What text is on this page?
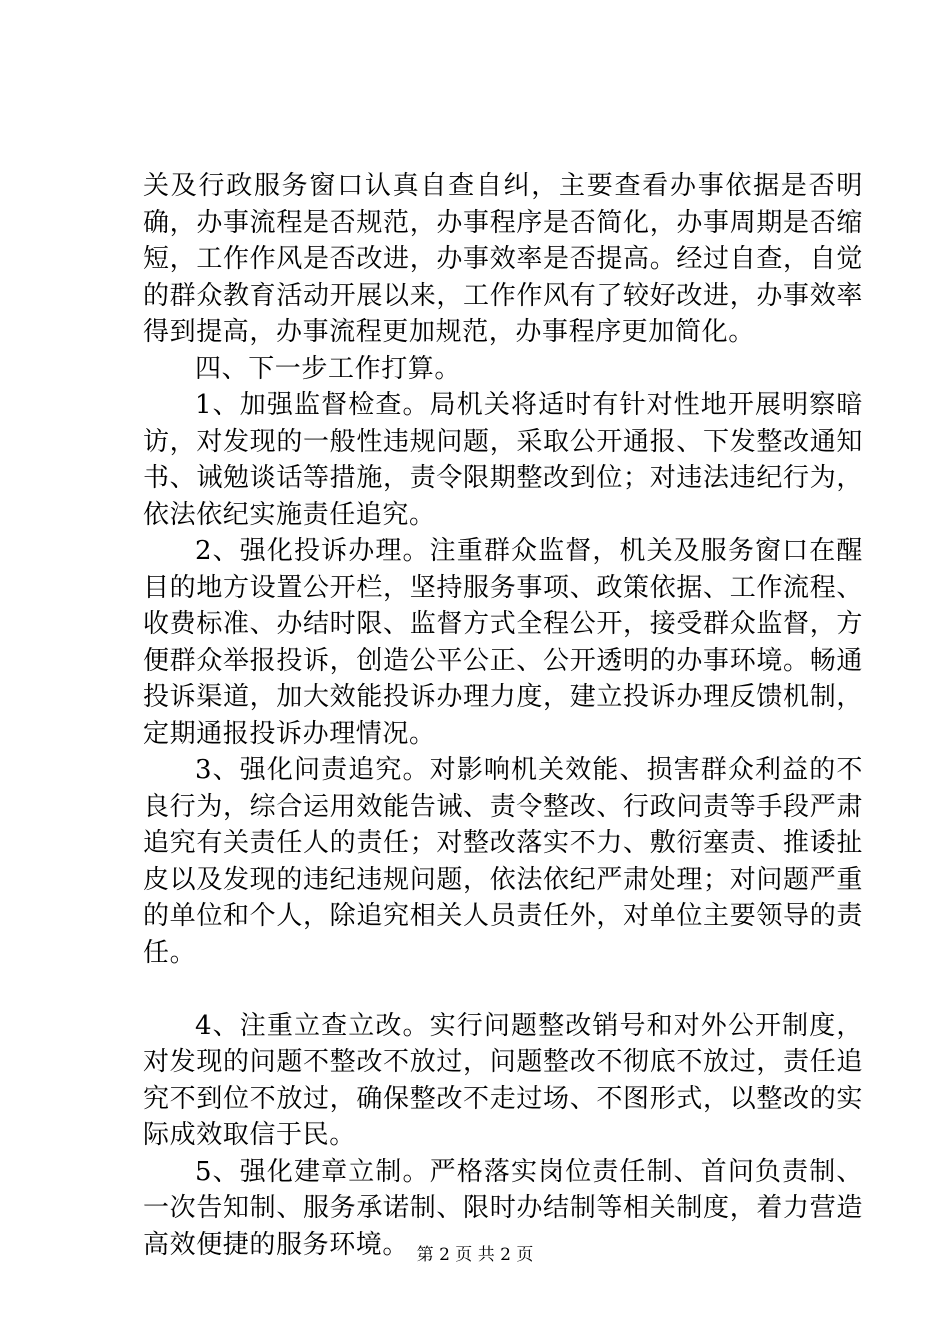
关及行政服务窗口认真自查自纠，主要查看办事依据是否明确，办事流程是否规范，办事程序是否简化，办事周期是否缩短，工作作风是否改进，办事效率是否提高。经过自查，自觉的群众教育活动开展以来，工作作风有了较好改进，办事效率得到提高，办事流程更加规范，办事程序更加简化。

四、下一步工作打算。

1、加强监督检查。局机关将适时有针对性地开展明察暗访，对发现的一般性违规问题，采取公开通报、下发整改通知书、诫勉谈话等措施，责令限期整改到位；对违法违纪行为，依法依纪实施责任追究。

2、强化投诉办理。注重群众监督，机关及服务窗口在醒目的地方设置公开栏，坚持服务事项、政策依据、工作流程、收费标准、办结时限、监督方式全程公开，接受群众监督，方便群众举报投诉，创造公平公正、公开透明的办事环境。畅通投诉渠道，加大效能投诉办理力度，建立投诉办理反馈机制，定期通报投诉办理情况。

3、强化问责追究。对影响机关效能、损害群众利益的不良行为，综合运用效能告诫、责令整改、行政问责等手段严肃追究有关责任人的责任；对整改落实不力、敷衍塞责、推诿扯皮以及发现的违纪违规问题，依法依纪严肃处理；对问题严重的单位和个人，除追究相关人员责任外，对单位主要领导的责任。

4、注重立查立改。实行问题整改销号和对外公开制度，对发现的问题不整改不放过，问题整改不彻底不放过，责任追究不到位不放过，确保整改不走过场、不图形式，以整改的实际成效取信于民。

5、强化建章立制。严格落实岗位责任制、首问负责制、一次告知制、服务承诺制、限时办结制等相关制度，着力营造高效便捷的服务环境。 第 2 页 共 2 页
